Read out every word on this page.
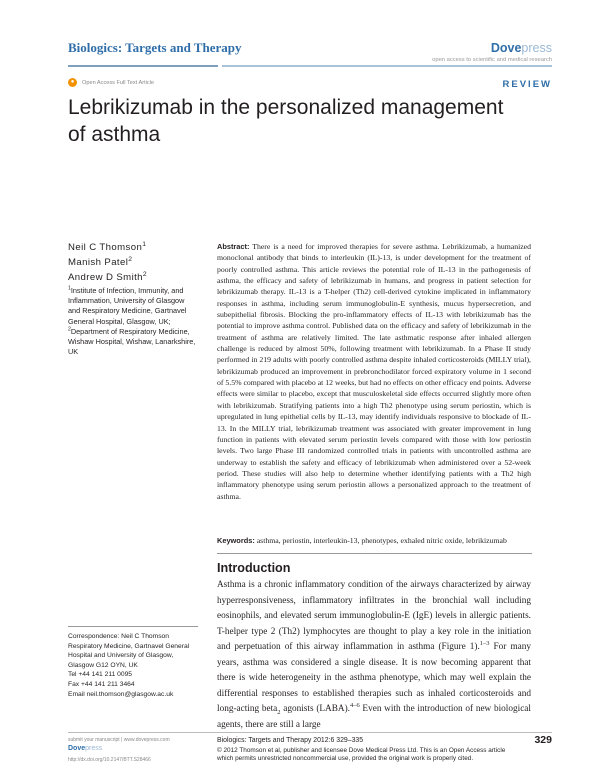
Biologics: Targets and Therapy	Dovepress
open access to scientific and medical research
●	Open Access Full Text Article	REVIEW
Lebrikizumab in the personalized management of asthma
Neil C Thomson$^1$
Manish Patel$^2$
Andrew D Smith$^2$
$^1$Institute of Infection, Immunity, and Inflammation, University of Glasgow and Respiratory Medicine, Gartnavel General Hospital, Glasgow, UK; $^2$Department of Respiratory Medicine, Wishaw Hospital, Wishaw, Lanarkshire, UK
Abstract: There is a need for improved therapies for severe asthma. Lebrikizumab, a humanized monoclonal antibody that binds to interleukin (IL)-13, is under development for the treatment of poorly controlled asthma. This article reviews the potential role of IL-13 in the pathogenesis of asthma, the efficacy and safety of lebrikizumab in humans, and progress in patient selection for lebrikizumab therapy. IL-13 is a T-helper (Th2) cell-derived cytokine implicated in inflammatory responses in asthma, including serum immunoglobulin-E synthesis, mucus hypersecretion, and subepithelial fibrosis. Blocking the pro-inflammatory effects of IL-13 with lebrikizumab has the potential to improve asthma control. Published data on the efficacy and safety of lebrikizumab in the treatment of asthma are relatively limited. The late asthmatic response after inhaled allergen challenge is reduced by almost 50%, following treatment with lebrikizumab. In a Phase II study performed in 219 adults with poorly controlled asthma despite inhaled corticosteroids (MILLY trial), lebrikizumab produced an improvement in prebronchodilator forced expiratory volume in 1 second of 5.5% compared with placebo at 12 weeks, but had no effects on other efficacy end points. Adverse effects were similar to placebo, except that musculoskeletal side effects occurred slightly more often with lebrikizumab. Stratifying patients into a high Th2 phenotype using serum periostin, which is upregulated in lung epithelial cells by IL-13, may identify individuals responsive to blockade of IL-13. In the MILLY trial, lebrikizumab treatment was associated with greater improvement in lung function in patients with elevated serum periostin levels compared with those with low periostin levels. Two large Phase III randomized controlled trials in patients with uncontrolled asthma are underway to establish the safety and efficacy of lebrikizumab when administered over a 52-week period. These studies will also help to determine whether identifying patients with a Th2 high inflammatory phenotype using serum periostin allows a personalized approach to the treatment of asthma.
Keywords: asthma, periostin, interleukin-13, phenotypes, exhaled nitric oxide, lebrikizumab
Introduction
Asthma is a chronic inflammatory condition of the airways characterized by airway hyperresponsiveness, inflammatory infiltrates in the bronchial wall including eosinophils, and elevated serum immunoglobulin-E (IgE) levels in allergic patients. T-helper type 2 (Th2) lymphocytes are thought to play a key role in the initiation and perpetuation of this airway inflammation in asthma (Figure 1).$^{1-3}$ For many years, asthma was considered a single disease. It is now becoming apparent that there is wide heterogeneity in the asthma phenotype, which may well explain the differential responses to established therapies such as inhaled corticosteroids and long-acting beta$_2$ agonists (LABA).$^{4-6}$ Even with the introduction of new biological agents, there are still a large
Correspondence: Neil C Thomson
Respiratory Medicine, Gartnavel General Hospital and University of Glasgow,
Glasgow G12 OYN, UK
Tel +44 141 211 0095
Fax +44 141 211 3464
Email neil.thomson@glasgow.ac.uk
submit your manuscript | www.dovepress.com
Dovepress
http://dx.doi.org/10.2147/BTT.S28466
Biologics: Targets and Therapy 2012:6 329–335	329
© 2012 Thomson et al, publisher and licensee Dove Medical Press Ltd. This is an Open Access article
which permits unrestricted noncommercial use, provided the original work is properly cited.
